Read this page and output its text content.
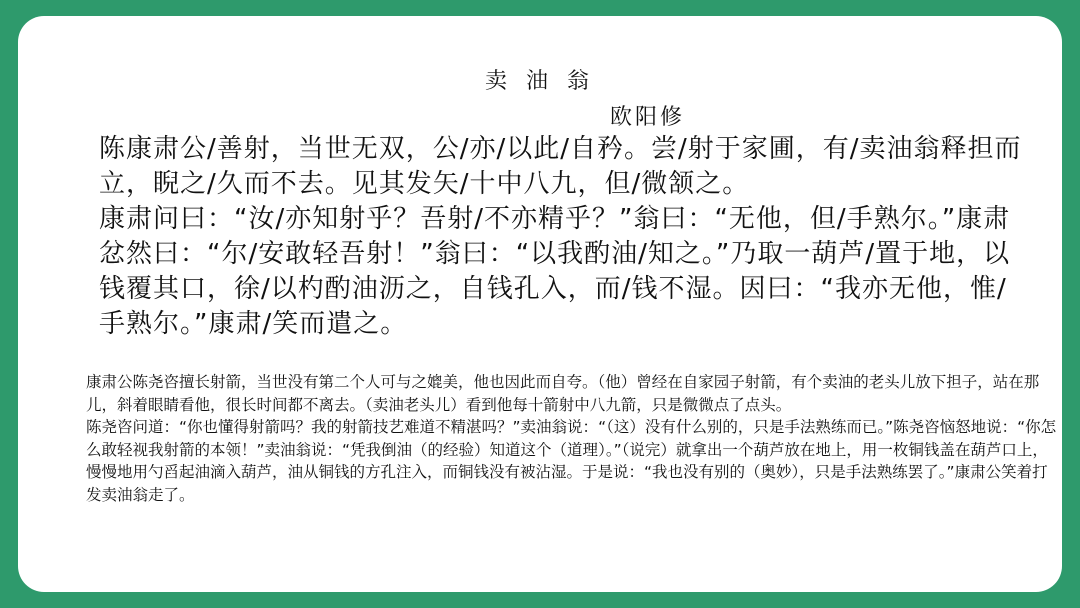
卖 油 翁
欧阳修

陈康肃公/善射，当世无双，公/亦/以此/自矜。尝/射于家圃，有/卖油翁释担而立，睨之/久而不去。见其发矢/十中八九，但/微颔之。

康肃问曰：“汝/亦知射乎？吾射/不亦精乎？”翁曰：“无他，但/手熟尔。”康肃忿然曰：“尔/安敢轻吾射！”翁曰：“以我酌油/知之。”乃取一葫芦/置于地，以钱覆其口，徐/以杓酌油沥之，自钱孔入，而/钱不湿。因曰：“我亦无他，惟/手熟尔。”康肃/笑而遣之。

康肃公陈尧咨擅长射箭，当世没有第二个人可与之媲美，他也因此而自夸。（他）曾经在自家园子射箭，有个卖油的老头儿放下担子，站在那儿，斜着眼睛看他，很长时间都不离去。（卖油老头儿）看到他每十箭射中八九箭，只是微微点了点头。

陈尧咨问道：“你也懂得射箭吗？我的射箭技艺难道不精湛吗？”卖油翁说：“（这）没有什么别的，只是手法熟练而已。”陈尧咨恼怒地说：“你怎么敢轻视我射箭的本领！”卖油翁说：“凭我倒油（的经验）知道这个（道理）。”（说完）就拿出一个葫芦放在地上，用一枚铜钱盖在葫芦口上，慢慢地用勺舀起油滴入葫芦，油从铜钱的方孔注入，而铜钱没有被沾湿。于是说：“我也没有别的（奥妙），只是手法熟练罢了。”康肃公笑着打发卖油翁走了。
